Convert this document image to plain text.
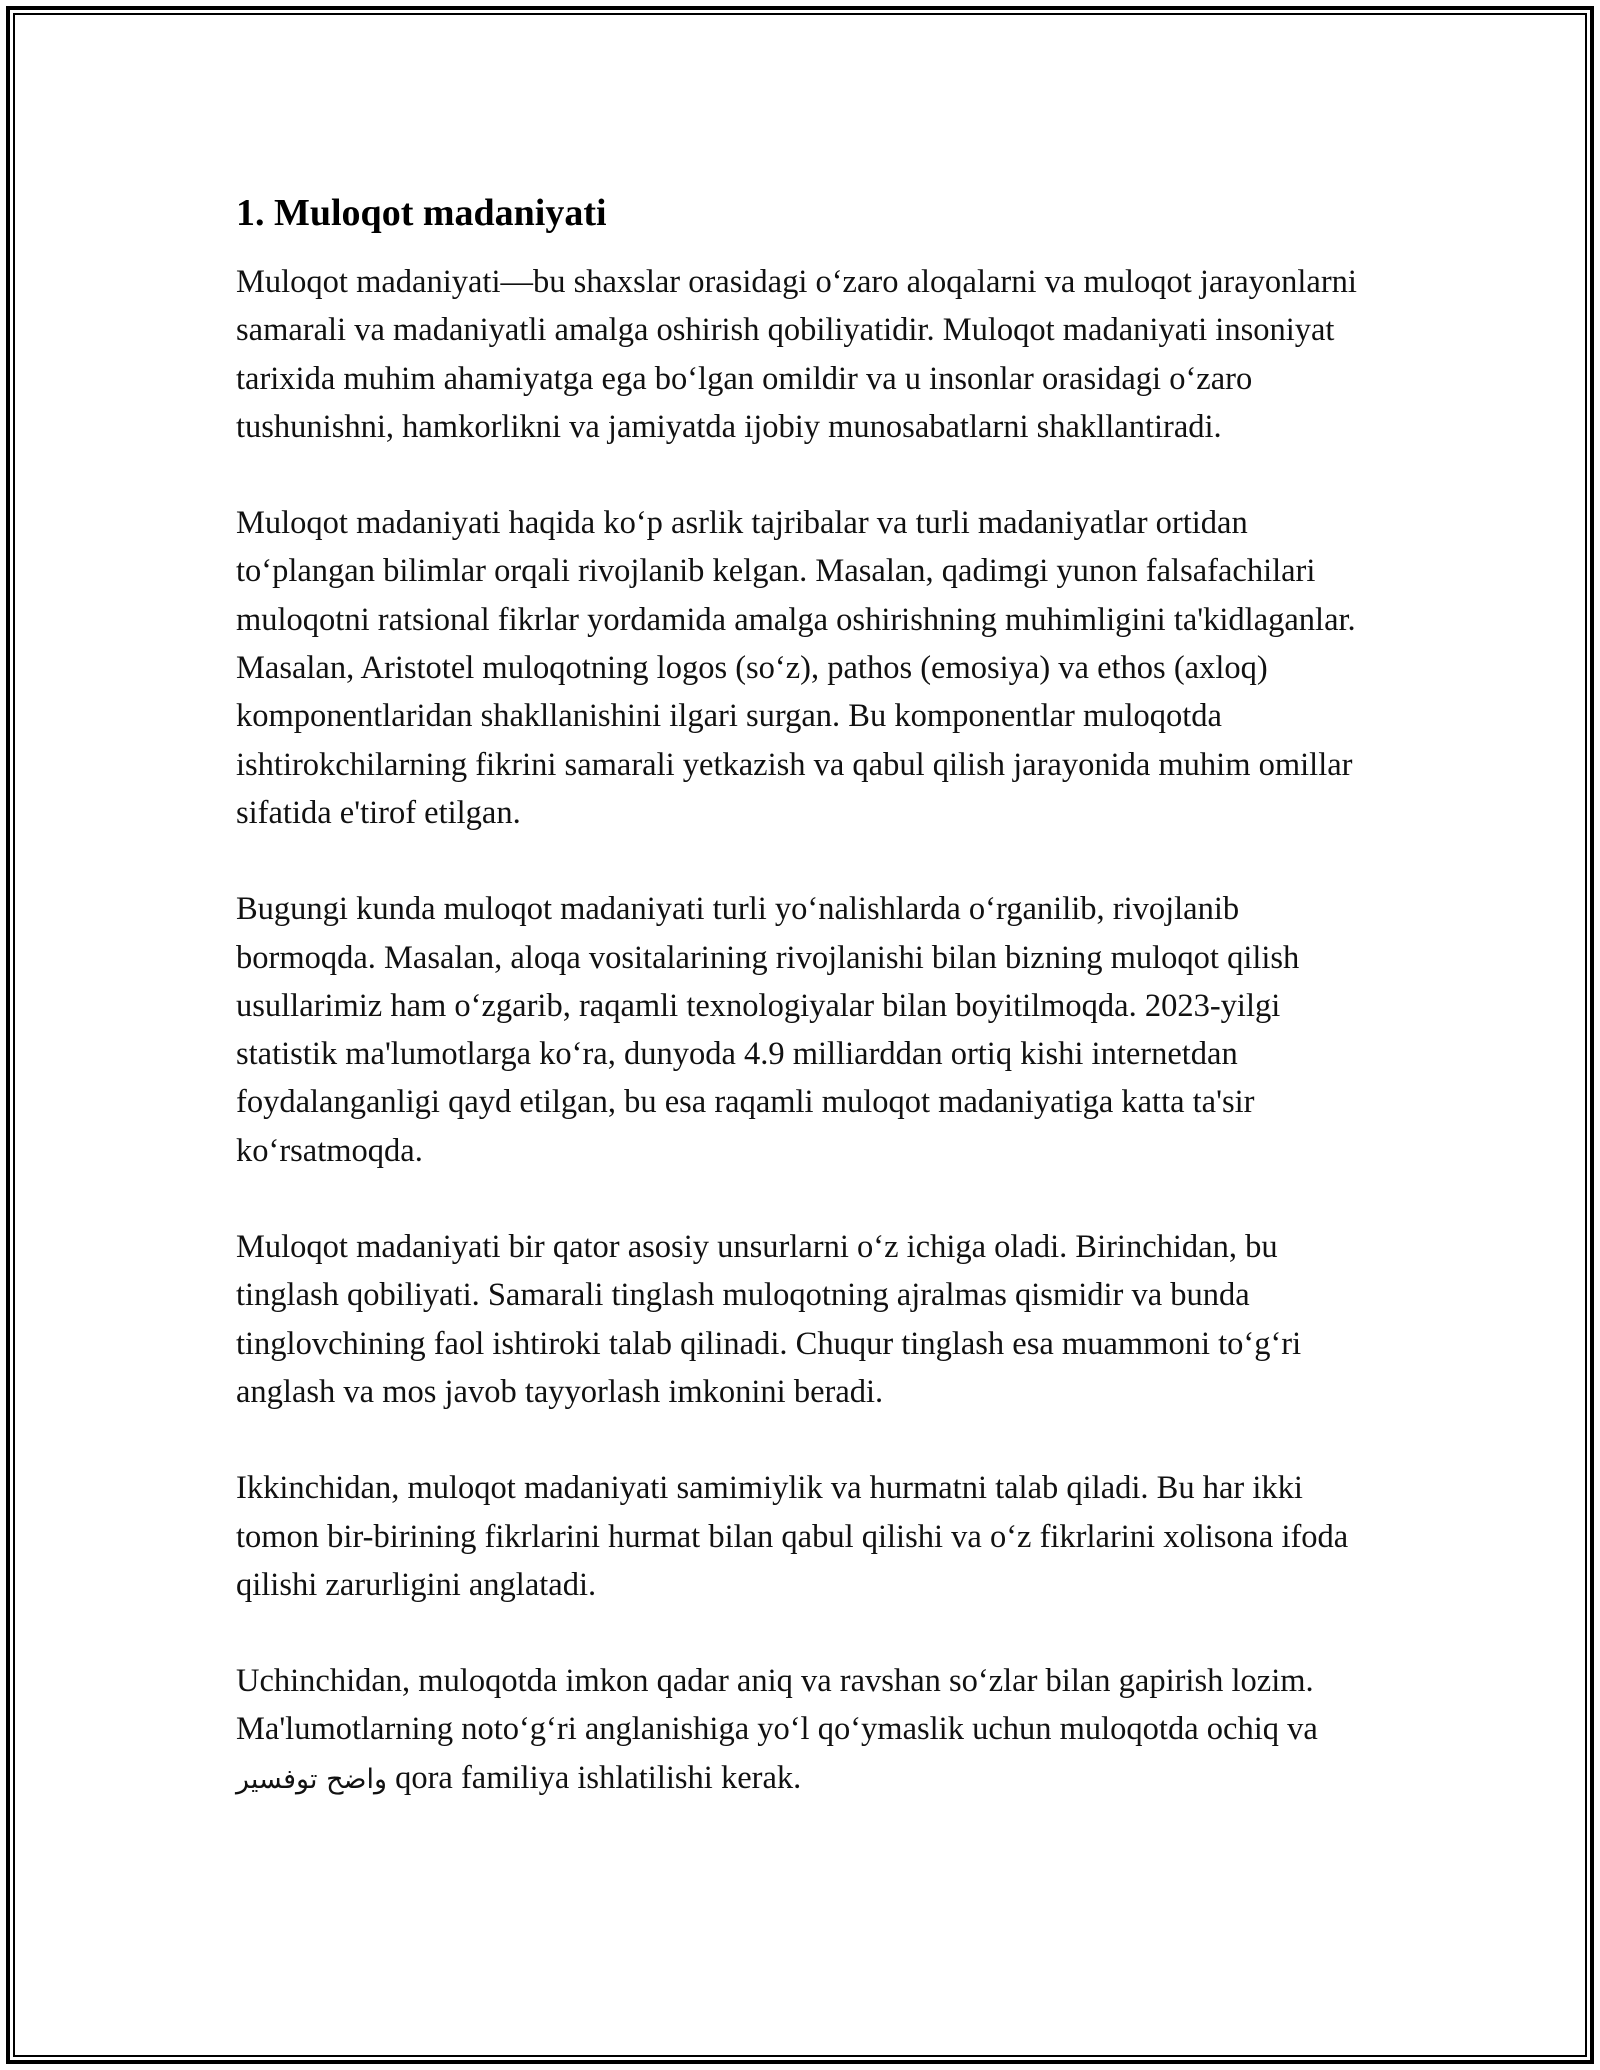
1. Muloqot madaniyati

Muloqot madaniyati—bu shaxslar orasidagi o‘zaro aloqalarni va muloqot jarayonlarni samarali va madaniyatli amalga oshirish qobiliyatidir. Muloqot madaniyati insoniyat tarixida muhim ahamiyatga ega bo‘lgan omildir va u insonlar orasidagi o‘zaro tushunishni, hamkorlikni va jamiyatda ijobiy munosabatlarni shakllantiradi.

Muloqot madaniyati haqida ko‘p asrlik tajribalar va turli madaniyatlar ortidan to‘plangan bilimlar orqali rivojlanib kelgan. Masalan, qadimgi yunon falsafachilari muloqotni ratsional fikrlar yordamida amalga oshirishning muhimligini ta'kidlaganlar. Masalan, Aristotel muloqotning logos (so‘z), pathos (emosiya) va ethos (axloq) komponentlaridan shakllanishini ilgari surgan. Bu komponentlar muloqotda ishtirokchilarning fikrini samarali yetkazish va qabul qilish jarayonida muhim omillar sifatida e'tirof etilgan.

Bugungi kunda muloqot madaniyati turli yo‘nalishlarda o‘rganilib, rivojlanib bormoqda. Masalan, aloqa vositalarining rivojlanishi bilan bizning muloqot qilish usullarimiz ham o‘zgarib, raqamli texnologiyalar bilan boyitilmoqda. 2023-yilgi statistik ma'lumotlarga ko‘ra, dunyoda 4.9 milliarddan ortiq kishi internetdan foydalanganligi qayd etilgan, bu esa raqamli muloqot madaniyatiga katta ta'sir ko‘rsatmoqda.

Muloqot madaniyati bir qator asosiy unsurlarni o‘z ichiga oladi. Birinchidan, bu tinglash qobiliyati. Samarali tinglash muloqotning ajralmas qismidir va bunda tinglovchining faol ishtiroki talab qilinadi. Chuqur tinglash esa muammoni to‘g‘ri anglash va mos javob tayyorlash imkonini beradi.

Ikkinchidan, muloqot madaniyati samimiylik va hurmatni talab qiladi. Bu har ikki tomon bir-birining fikrlarini hurmat bilan qabul qilishi va o‘z fikrlarini xolisona ifoda qilishi zarurligini anglatadi.

Uchinchidan, muloqotda imkon qadar aniq va ravshan so‘zlar bilan gapirish lozim. Ma'lumotlarning noto‘g‘ri anglanishiga yo‘l qo‘ymaslik uchun muloqotda ochiq va واضح توفسير qora familiya ishlatilishi kerak.
